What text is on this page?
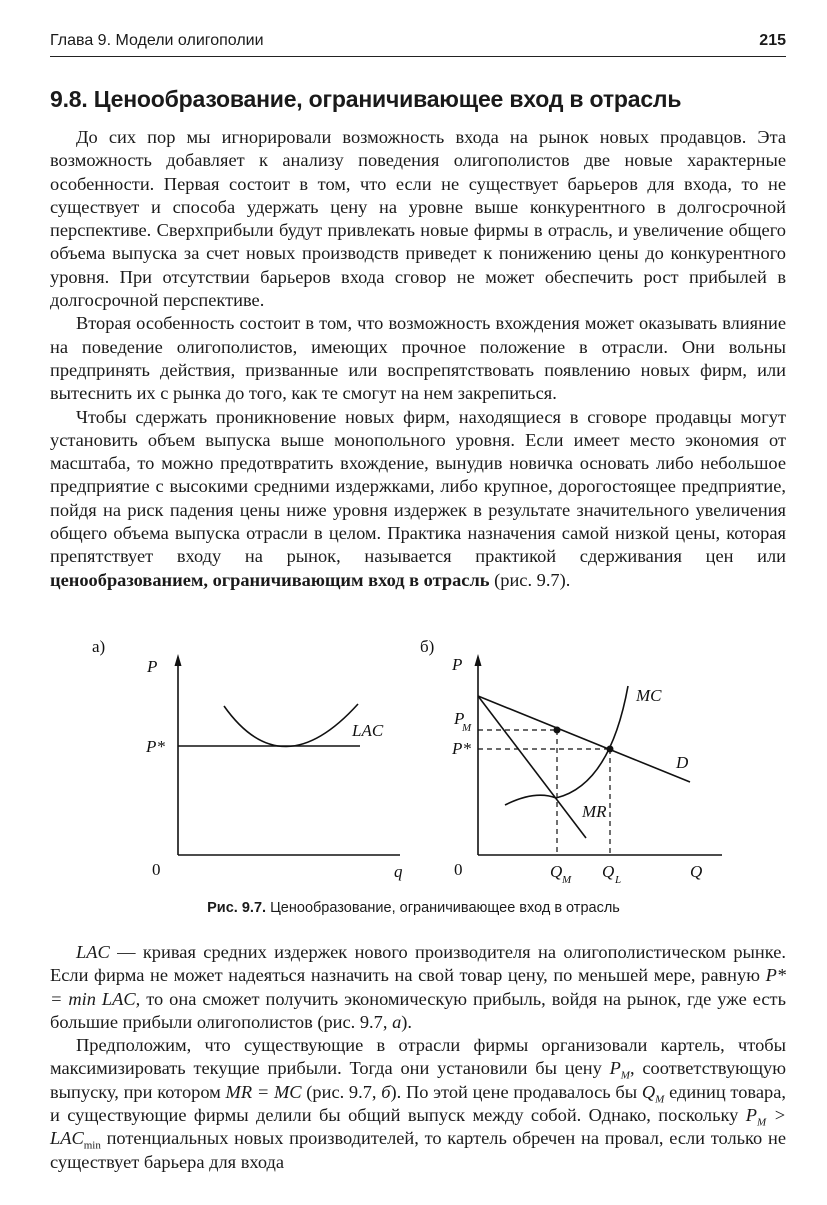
Глава 9. Модели олигополии	215
9.8. Ценообразование, ограничивающее вход в отрасль

До сих пор мы игнорировали возможность входа на рынок новых продавцов. Эта возможность добавляет к анализу поведения олигополистов две новые характерные особенности. Первая состоит в том, что если не существует барьеров для входа, то не существует и способа удержать цену на уровне выше конкурентного в долгосрочной перспективе. Сверхприбыли будут привлекать новые фирмы в отрасль, и увеличение общего объема выпуска за счет новых производств приведет к понижению цены до конкурентного уровня. При отсутствии барьеров входа сговор не может обеспечить рост прибылей в долгосрочной перспективе.

Вторая особенность состоит в том, что возможность вхождения может оказывать влияние на поведение олигополистов, имеющих прочное положение в отрасли. Они вольны предпринять действия, призванные или воспрепятствовать появлению новых фирм, или вытеснить их с рынка до того, как те смогут на нем закрепиться.

Чтобы сдержать проникновение новых фирм, находящиеся в сговоре продавцы могут установить объем выпуска выше монопольного уровня. Если имеет место экономия от масштаба, то можно предотвратить вхождение, вынудив новичка основать либо небольшое предприятие с высокими средними издержками, либо крупное, дорогостоящее предприятие, пойдя на риск падения цены ниже уровня издержек в результате значительного увеличения общего объема выпуска отрасли в целом. Практика назначения самой низкой цены, которая препятствует входу на рынок, называется практикой сдерживания цен или ценообразованием, ограничивающим вход в отрасль (рис. 9.7).

а)
P
0	q
P*
LAC
б)
P
0	Q
D
MR
MC
P
M
P*
Q M Q L
Рис. 9.7. Ценообразование, ограничивающее вход в отрасль

LAC — кривая средних издержек нового производителя на олигополистическом рынке. Если фирма не может надеяться назначить на свой товар цену, по меньшей мере, равную P* = min LAC, то она сможет получить экономическую прибыль, войдя на рынок, где уже есть большие прибыли олигополистов (рис. 9.7, а).

Предположим, что существующие в отрасли фирмы организовали картель, чтобы максимизировать текущие прибыли. Тогда они установили бы цену $P_M$, соответствующую выпуску, при котором MR = MC (рис. 9.7, б). По этой цене продавалось бы $Q_M$ единиц товара, и существующие фирмы делили бы общий выпуск между собой. Однако, поскольку $P_M > LAC_{min}$ потенциальных новых производителей, то картель обречен на провал, если только не существует барьера для входа
